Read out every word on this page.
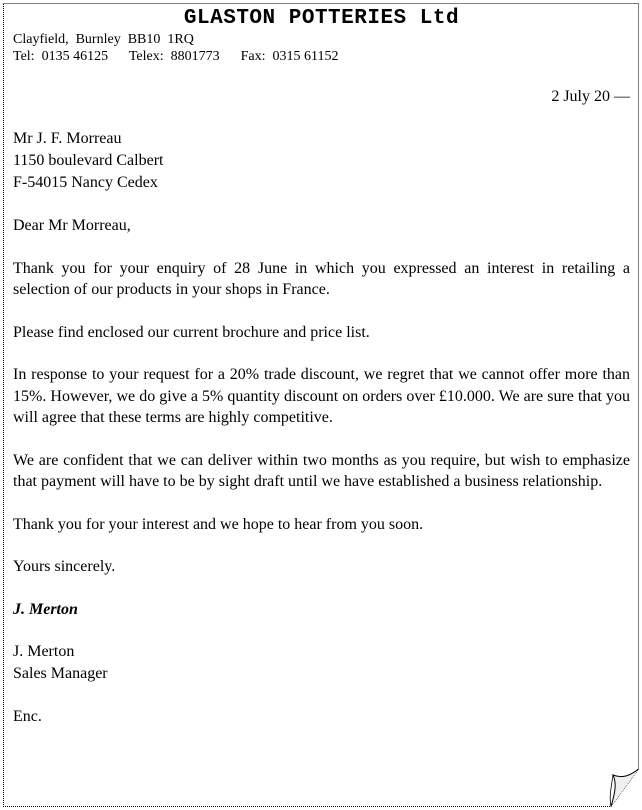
GLASTON POTTERIES Ltd
Clayfield,  Burnley  BB10  1RQ
Tel:  0135 46125      Telex:  8801773      Fax:  0315 61152
2 July 20 —
Mr J. F. Morreau
1150 boulevard Calbert
F-54015 Nancy Cedex

Dear Mr Morreau,

Thank you for your enquiry of 28 June in which you expressed an interest in retailing a selection of our products in your shops in France.

Please find enclosed our current brochure and price list.

In response to your request for a 20% trade discount, we regret that we cannot offer more than 15%. However, we do give a 5% quantity discount on orders over £10.000. We are sure that you will agree that these terms are highly competitive.

We are confident that we can deliver within two months as you require, but wish to emphasize that payment will have to be by sight draft until we have established a business relationship.

Thank you for your interest and we hope to hear from you soon.

Yours sincerely.

J. Merton
J. Merton
Sales Manager
Enc.
